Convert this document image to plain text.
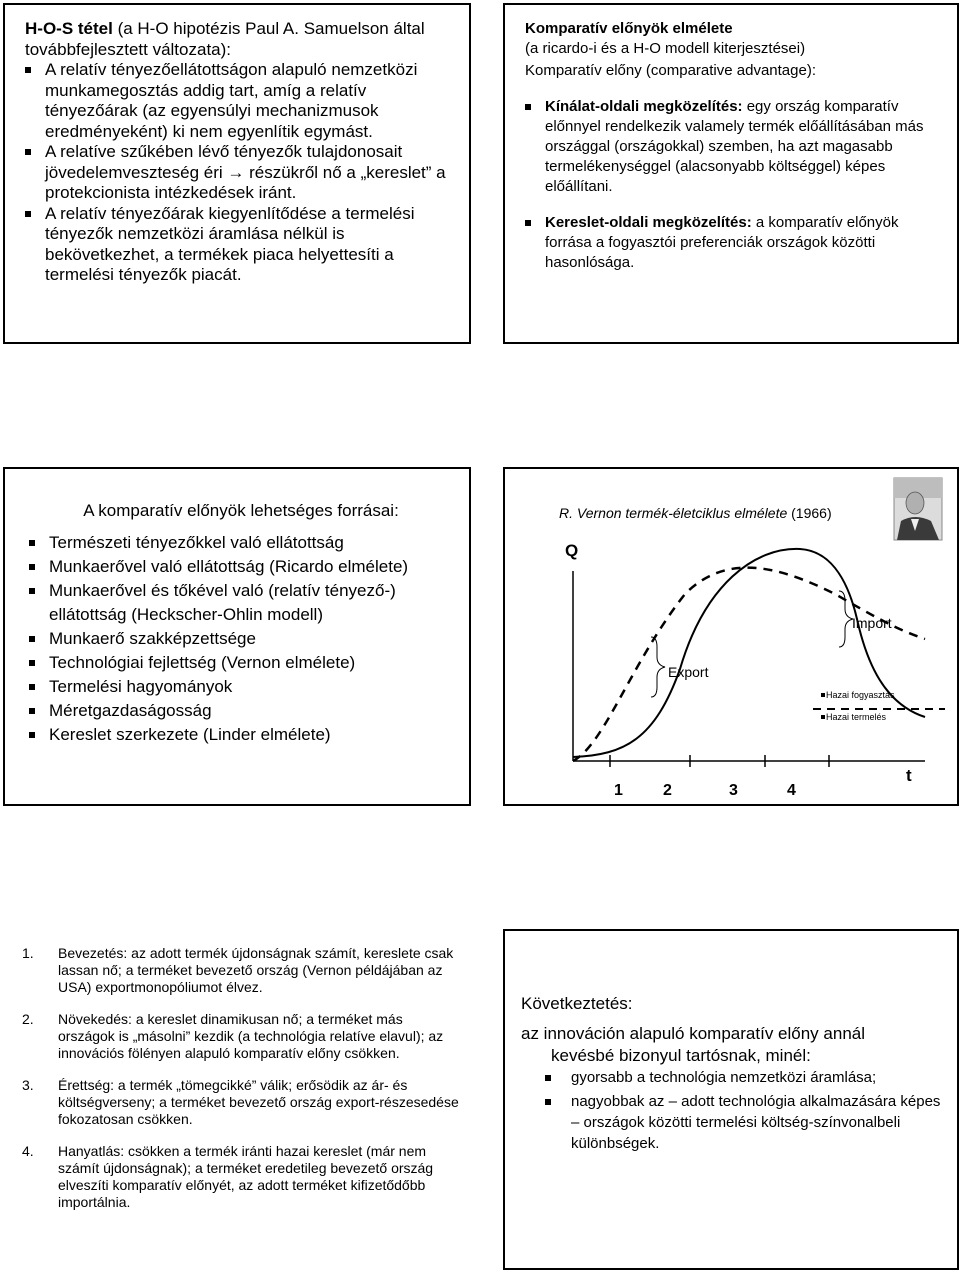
H-O-S tétel (a H-O hipotézis Paul A. Samuelson által továbbfejlesztett változata):
A relatív tényezőellátottságon alapuló nemzetközi munkamegosztás addig tart, amíg a relatív tényezőárak (az egyensúlyi mechanizmusok eredményeként) ki nem egyenlítik egymást.
A relatíve szűkében lévő tényezők tulajdonosait jövedelemveszteség éri → részükről nő a „kereslet” a protekcionista intézkedések iránt.
A relatív tényezőárak kiegyenlítődése a termelési tényezők nemzetközi áramlása nélkül is bekövetkezhet, a termékek piaca helyettesíti a termelési tényezők piacát.
Komparatív előnyök elmélete
(a ricardo-i és a H-O modell kiterjesztései)
Komparatív előny (comparative advantage):
Kínálat-oldali megközelítés: egy ország komparatív előnnyel rendelkezik valamely termék előállításában más országgal (országokkal) szemben, ha azt magasabb termelékenységgel (alacsonyabb költséggel) képes előállítani.
Kereslet-oldali megközelítés: a komparatív előnyök forrása a fogyasztói preferenciák országok közötti hasonlósága.
A komparatív előnyök lehetséges forrásai:
Természeti tényezőkkel való ellátottság
Munkaerővel való ellátottság (Ricardo elmélete)
Munkaerővel és tőkével való (relatív tényező-) ellátottság (Heckscher-Ohlin modell)
Munkaerő szakképzettsége
Technológiai fejlettség (Vernon elmélete)
Termelési hagyományok
Méretgazdaságosság
Kereslet szerkezete (Linder elmélete)
R. Vernon termék-életciklus elmélete (1966)
Q
t
1	2	3	4
Export
Import
Hazai fogyasztás
Hazai termelés
1. Bevezetés: az adott termék újdonságnak számít, kereslete csak lassan nő; a terméket bevezető ország (Vernon példájában az USA) exportmonopóliumot élvez.
2. Növekedés: a kereslet dinamikusan nő; a terméket más országok is „másolni” kezdik (a technológia relatíve elavul); az innovációs fölényen alapuló komparatív előny csökken.
3. Érettség: a termék „tömegcikké” válik; erősödik az ár- és költségverseny; a terméket bevezető ország export-részesedése fokozatosan csökken.
4. Hanyatlás: csökken a termék iránti hazai kereslet (már nem számít újdonságnak); a terméket eredetileg bevezető ország elveszíti komparatív előnyét, az adott terméket kifizetődőbb importálnia.
Következtetés:
az innováción alapuló komparatív előny annál
kevésbé bizonyul tartósnak, minél:
gyorsabb a technológia nemzetközi áramlása;
nagyobbak az – adott technológia alkalmazására képes – országok közötti termelési költség-színvonalbeli különbségek.
